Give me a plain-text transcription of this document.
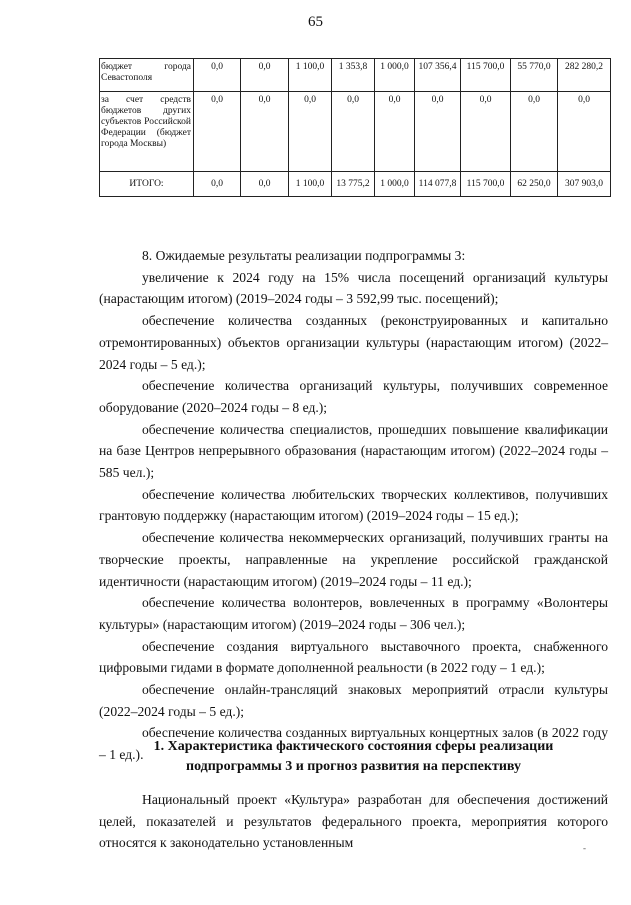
65
бюджет города Севастополя	0,0	0,0	1 100,0	1 353,8	1 000,0	107 356,4	115 700,0	55 770,0	282 280,2
за счет средств бюджетов других субъектов Российской Федерации (бюджет города Москвы)	0,0	0,0	0,0	0,0	0,0	0,0	0,0	0,0	0,0
ИТОГО:	0,0	0,0	1 100,0	13 775,2	1 000,0	114 077,8	115 700,0	62 250,0	307 903,0

8. Ожидаемые результаты реализации подпрограммы 3:

увеличение к 2024 году на 15% числа посещений организаций культуры (нарастающим итогом) (2019–2024 годы – 3 592,99 тыс. посещений);

обеспечение количества созданных (реконструированных и капитально отремонтированных) объектов организации культуры (нарастающим итогом) (2022–2024 годы – 5 ед.);

обеспечение количества организаций культуры, получивших современное оборудование (2020–2024 годы – 8 ед.);

обеспечение количества специалистов, прошедших повышение квалификации на базе Центров непрерывного образования (нарастающим итогом) (2022–2024 годы – 585 чел.);

обеспечение количества любительских творческих коллективов, получивших грантовую поддержку (нарастающим итогом) (2019–2024 годы – 15 ед.);

обеспечение количества некоммерческих организаций, получивших гранты на творческие проекты, направленные на укрепление российской гражданской идентичности (нарастающим итогом) (2019–2024 годы – 11 ед.);

обеспечение количества волонтеров, вовлеченных в программу «Волонтеры культуры» (нарастающим итогом) (2019–2024 годы – 306 чел.);

обеспечение создания виртуального выставочного проекта, снабженного цифровыми гидами в формате дополненной реальности (в 2022 году – 1 ед.);

обеспечение онлайн-трансляций знаковых мероприятий отрасли культуры (2022–2024 годы – 5 ед.);

обеспечение количества созданных виртуальных концертных залов (в 2022 году – 1 ед.).

1. Характеристика фактического состояния сферы реализации
подпрограммы 3 и прогноз развития на перспективу

Национальный проект «Культура» разработан для обеспечения достижений целей, показателей и результатов федерального проекта, мероприятия которого относятся к законодательно установленным	-
